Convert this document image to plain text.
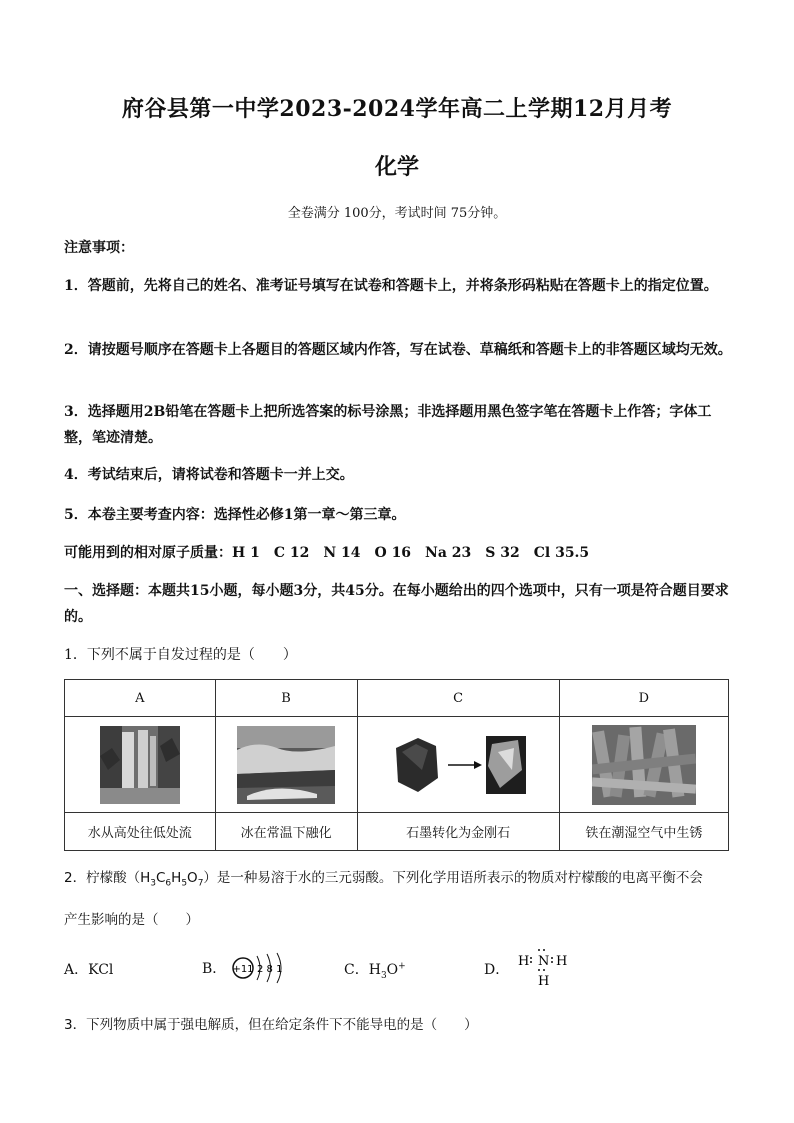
府谷县第一中学2023-2024学年高二上学期12月月考
化学
全卷满分 100分，考试时间 75分钟。
注意事项：
1．答题前，先将自己的姓名、准考证号填写在试卷和答题卡上，并将条形码粘贴在答题卡上的指定位置。
2．请按题号顺序在答题卡上各题目的答题区域内作答，写在试卷、草稿纸和答题卡上的非答题区域均无效。
3．选择题用2B铅笔在答题卡上把所选答案的标号涂黑；非选择题用黑色签字笔在答题卡上作答；字体工整，笔迹清楚。
4．考试结束后，请将试卷和答题卡一并上交。
5．本卷主要考查内容：选择性必修1第一章～第三章。
可能用到的相对原子质量：H 1　C 12　N 14　O 16　Na 23　S 32　Cl 35.5
一、选择题：本题共15小题，每小题3分，共45分。在每小题给出的四个选项中，只有一项是符合题目要求的。
1．下列不属于自发过程的是（　　）
A	B	C	D

水从高处往低处流	冰在常温下融化	石墨转化为金刚石	铁在潮湿空气中生锈
2．柠檬酸$(H_3C_6H_5O_7)$是一种易溶于水的三元弱酸。下列化学用语所表示的物质对柠檬酸的电离平衡不会
产生影响的是（　　）
A．KCl	B． +11 2 8 1	C．$H_3O^+$	D．
H N H
H
3．下列物质中属于强电解质，但在给定条件下不能导电的是（　　）
